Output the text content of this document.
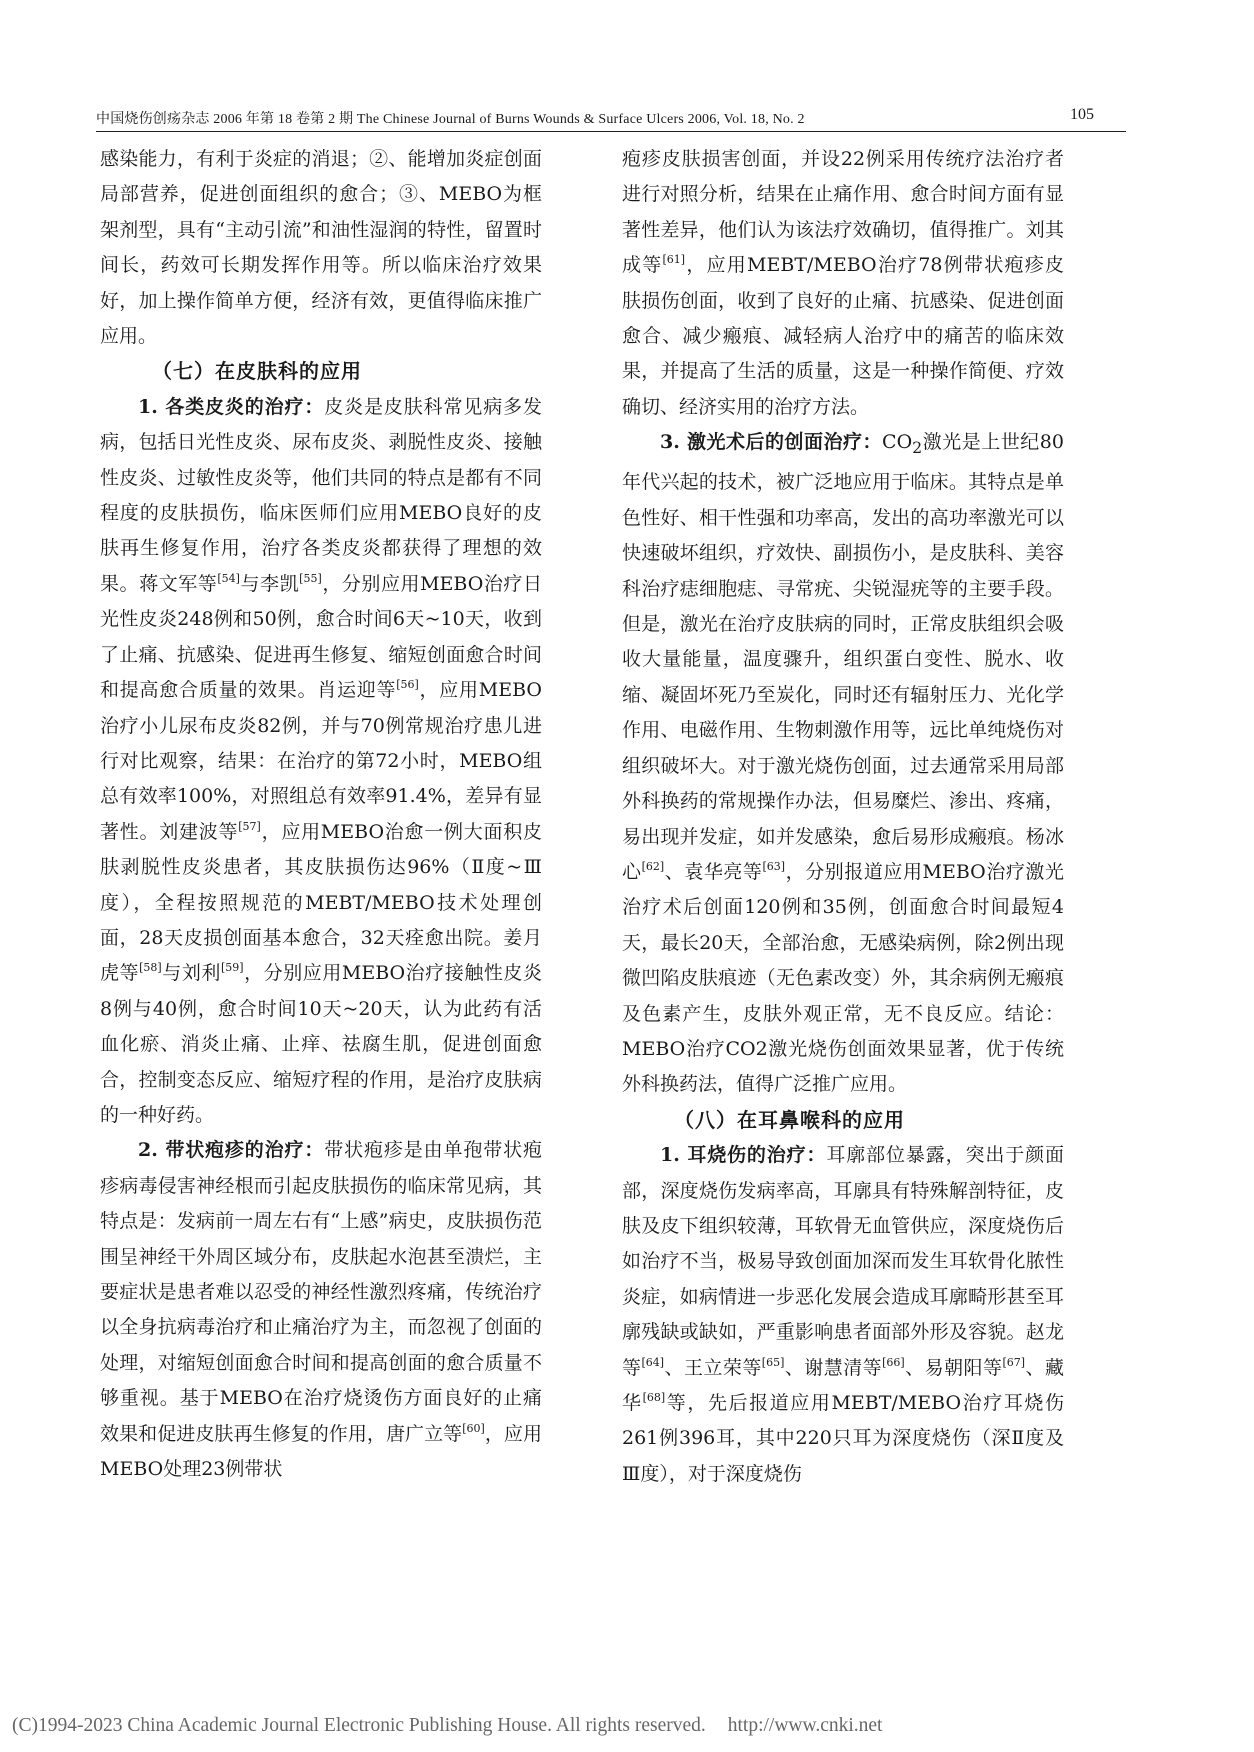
中国烧伤创疡杂志 2006 年第 18 卷第 2 期 The Chinese Journal of Burns Wounds & Surface Ulcers 2006, Vol. 18, No. 2	105

感染能力，有利于炎症的消退；②、能增加炎症创面局部营养，促进创面组织的愈合；③、MEBO为框架剂型，具有“主动引流”和油性湿润的特性，留置时间长，药效可长期发挥作用等。所以临床治疗效果好，加上操作简单方便，经济有效，更值得临床推广应用。

（七）在皮肤科的应用

1. 各类皮炎的治疗：皮炎是皮肤科常见病多发病，包括日光性皮炎、尿布皮炎、剥脱性皮炎、接触性皮炎、过敏性皮炎等，他们共同的特点是都有不同程度的皮肤损伤，临床医师们应用MEBO良好的皮肤再生修复作用，治疗各类皮炎都获得了理想的效果。蒋文军等[54]与李凯[55]，分别应用MEBO治疗日光性皮炎248例和50例，愈合时间6天~10天，收到了止痛、抗感染、促进再生修复、缩短创面愈合时间和提高愈合质量的效果。肖运迎等[56]，应用MEBO治疗小儿尿布皮炎82例，并与70例常规治疗患儿进行对比观察，结果：在治疗的第72小时，MEBO组总有效率100%，对照组总有效率91.4%，差异有显著性。刘建波等[57]，应用MEBO治愈一例大面积皮肤剥脱性皮炎患者，其皮肤损伤达96%（Ⅱ度~Ⅲ度），全程按照规范的MEBT/MEBO技术处理创面，28天皮损创面基本愈合，32天痊愈出院。姜月虎等[58]与刘利[59]，分别应用MEBO治疗接触性皮炎8例与40例，愈合时间10天~20天，认为此药有活血化瘀、消炎止痛、止痒、祛腐生肌，促进创面愈合，控制变态反应、缩短疗程的作用，是治疗皮肤病的一种好药。

2. 带状疱疹的治疗：带状疱疹是由单孢带状疱疹病毒侵害神经根而引起皮肤损伤的临床常见病，其特点是：发病前一周左右有“上感”病史，皮肤损伤范围呈神经干外周区域分布，皮肤起水泡甚至溃烂，主要症状是患者难以忍受的神经性激烈疼痛，传统治疗以全身抗病毒治疗和止痛治疗为主，而忽视了创面的处理，对缩短创面愈合时间和提高创面的愈合质量不够重视。基于MEBO在治疗烧烫伤方面良好的止痛效果和促进皮肤再生修复的作用，唐广立等[60]，应用MEBO处理23例带状

疱疹皮肤损害创面，并设22例采用传统疗法治疗者进行对照分析，结果在止痛作用、愈合时间方面有显著性差异，他们认为该法疗效确切，值得推广。刘其成等[61]，应用MEBT/MEBO治疗78例带状疱疹皮肤损伤创面，收到了良好的止痛、抗感染、促进创面愈合、减少瘢痕、减轻病人治疗中的痛苦的临床效果，并提高了生活的质量，这是一种操作简便、疗效确切、经济实用的治疗方法。

3. 激光术后的创面治疗：$CO_2$激光是上世纪80年代兴起的技术，被广泛地应用于临床。其特点是单色性好、相干性强和功率高，发出的高功率激光可以快速破坏组织，疗效快、副损伤小，是皮肤科、美容科治疗痣细胞痣、寻常疣、尖锐湿疣等的主要手段。但是，激光在治疗皮肤病的同时，正常皮肤组织会吸收大量能量，温度骤升，组织蛋白变性、脱水、收缩、凝固坏死乃至炭化，同时还有辐射压力、光化学作用、电磁作用、生物刺激作用等，远比单纯烧伤对组织破坏大。对于激光烧伤创面，过去通常采用局部外科换药的常规操作办法，但易糜烂、渗出、疼痛，易出现并发症，如并发感染，愈后易形成瘢痕。杨冰心[62]、袁华亮等[63]，分别报道应用MEBO治疗激光治疗术后创面120例和35例，创面愈合时间最短4天，最长20天，全部治愈，无感染病例，除2例出现微凹陷皮肤痕迹（无色素改变）外，其余病例无瘢痕及色素产生，皮肤外观正常，无不良反应。结论：MEBO治疗CO2激光烧伤创面效果显著，优于传统外科换药法，值得广泛推广应用。

（八）在耳鼻喉科的应用

1. 耳烧伤的治疗：耳廓部位暴露，突出于颜面部，深度烧伤发病率高，耳廓具有特殊解剖特征，皮肤及皮下组织较薄，耳软骨无血管供应，深度烧伤后如治疗不当，极易导致创面加深而发生耳软骨化脓性炎症，如病情进一步恶化发展会造成耳廓畸形甚至耳廓残缺或缺如，严重影响患者面部外形及容貌。赵龙等[64]、王立荣等[65]、谢慧清等[66]、易朝阳等[67]、藏华[68]等，先后报道应用MEBT/MEBO治疗耳烧伤261例396耳，其中220只耳为深度烧伤（深Ⅱ度及Ⅲ度），对于深度烧伤

(C)1994-2023 China Academic Journal Electronic Publishing House. All rights reserved. http://www.cnki.net
